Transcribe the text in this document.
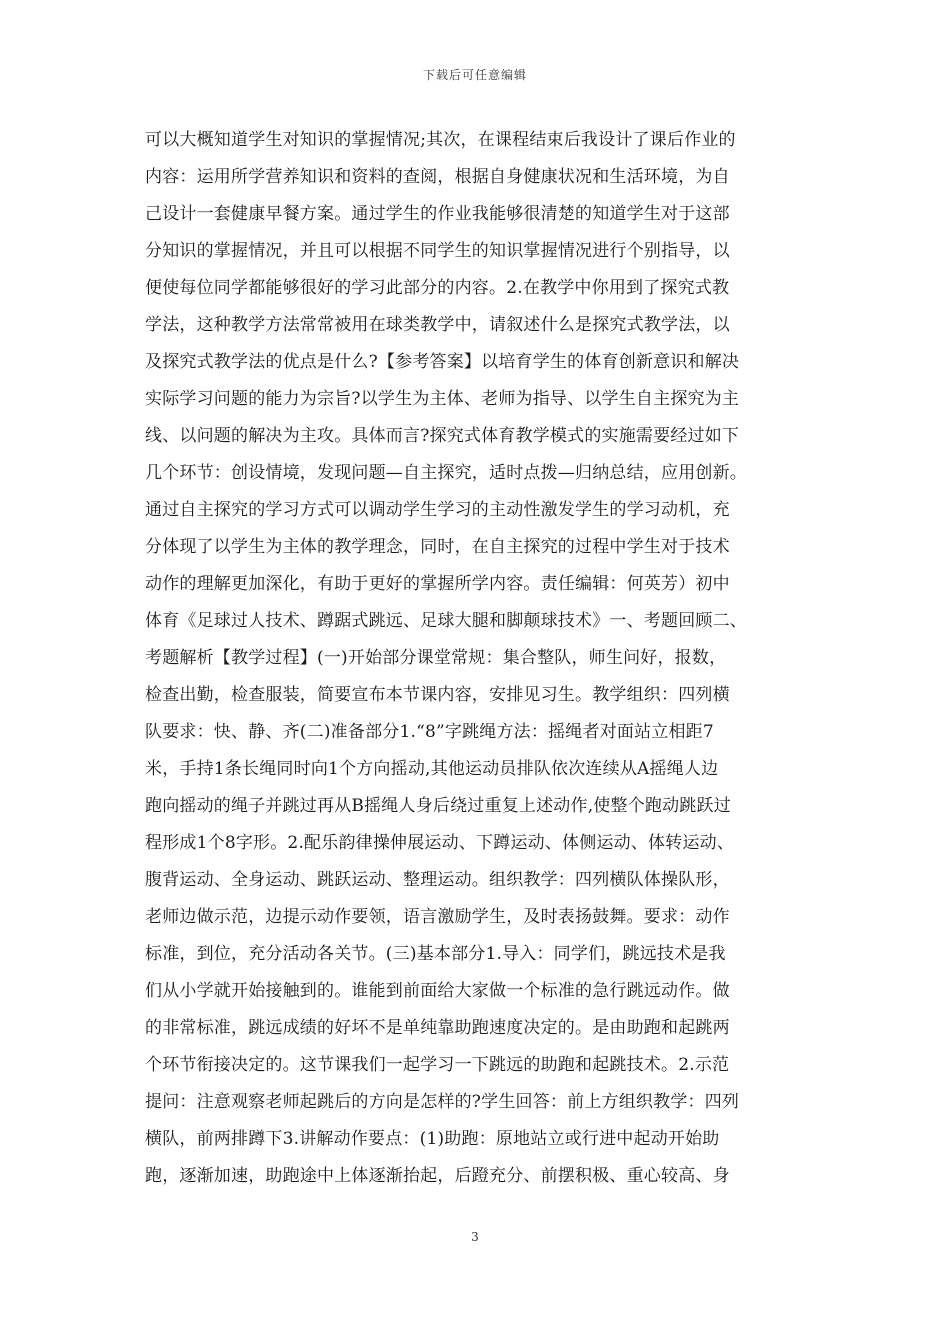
下载后可任意编辑
可以大概知道学生对知识的掌握情况;其次，在课程结束后我设计了课后作业的
内容：运用所学营养知识和资料的查阅，根据自身健康状况和生活环境，为自
己设计一套健康早餐方案。通过学生的作业我能够很清楚的知道学生对于这部
分知识的掌握情况，并且可以根据不同学生的知识掌握情况进行个别指导，以
便使每位同学都能够很好的学习此部分的内容。2.在教学中你用到了探究式教
学法，这种教学方法常常被用在球类教学中，请叙述什么是探究式教学法，以
及探究式教学法的优点是什么?【参考答案】以培育学生的体育创新意识和解决
实际学习问题的能力为宗旨?以学生为主体、老师为指导、以学生自主探究为主
线、以问题的解决为主攻。具体而言?探究式体育教学模式的实施需要经过如下
几个环节：创设情境，发现问题—自主探究，适时点拨—归纳总结，应用创新。
通过自主探究的学习方式可以调动学生学习的主动性激发学生的学习动机，充
分体现了以学生为主体的教学理念，同时，在自主探究的过程中学生对于技术
动作的理解更加深化，有助于更好的掌握所学内容。责任编辑：何英芳）初中
体育《足球过人技术、蹲踞式跳远、足球大腿和脚颠球技术》一、考题回顾二、
考题解析【教学过程】(一)开始部分课堂常规：集合整队，师生问好，报数，
检查出勤，检查服装，简要宣布本节课内容，安排见习生。教学组织：四列横
队要求：快、静、齐(二)准备部分1.“8”字跳绳方法：摇绳者对面站立相距7
米，手持1条长绳同时向1个方向摇动,其他运动员排队依次连续从A摇绳人边
跑向摇动的绳子并跳过再从B摇绳人身后绕过重复上述动作,使整个跑动跳跃过
程形成1个8字形。2.配乐韵律操伸展运动、下蹲运动、体侧运动、体转运动、
腹背运动、全身运动、跳跃运动、整理运动。组织教学：四列横队体操队形，
老师边做示范，边提示动作要领，语言激励学生，及时表扬鼓舞。要求：动作
标准，到位，充分活动各关节。(三)基本部分1.导入：同学们，跳远技术是我
们从小学就开始接触到的。谁能到前面给大家做一个标准的急行跳远动作。做
的非常标准，跳远成绩的好坏不是单纯靠助跑速度决定的。是由助跑和起跳两
个环节衔接决定的。这节课我们一起学习一下跳远的助跑和起跳技术。2.示范
提问：注意观察老师起跳后的方向是怎样的?学生回答：前上方组织教学：四列
横队，前两排蹲下3.讲解动作要点：(1)助跑：原地站立或行进中起动开始助
跑，逐渐加速，助跑途中上体逐渐抬起，后蹬充分、前摆积极、重心较高、身
3
